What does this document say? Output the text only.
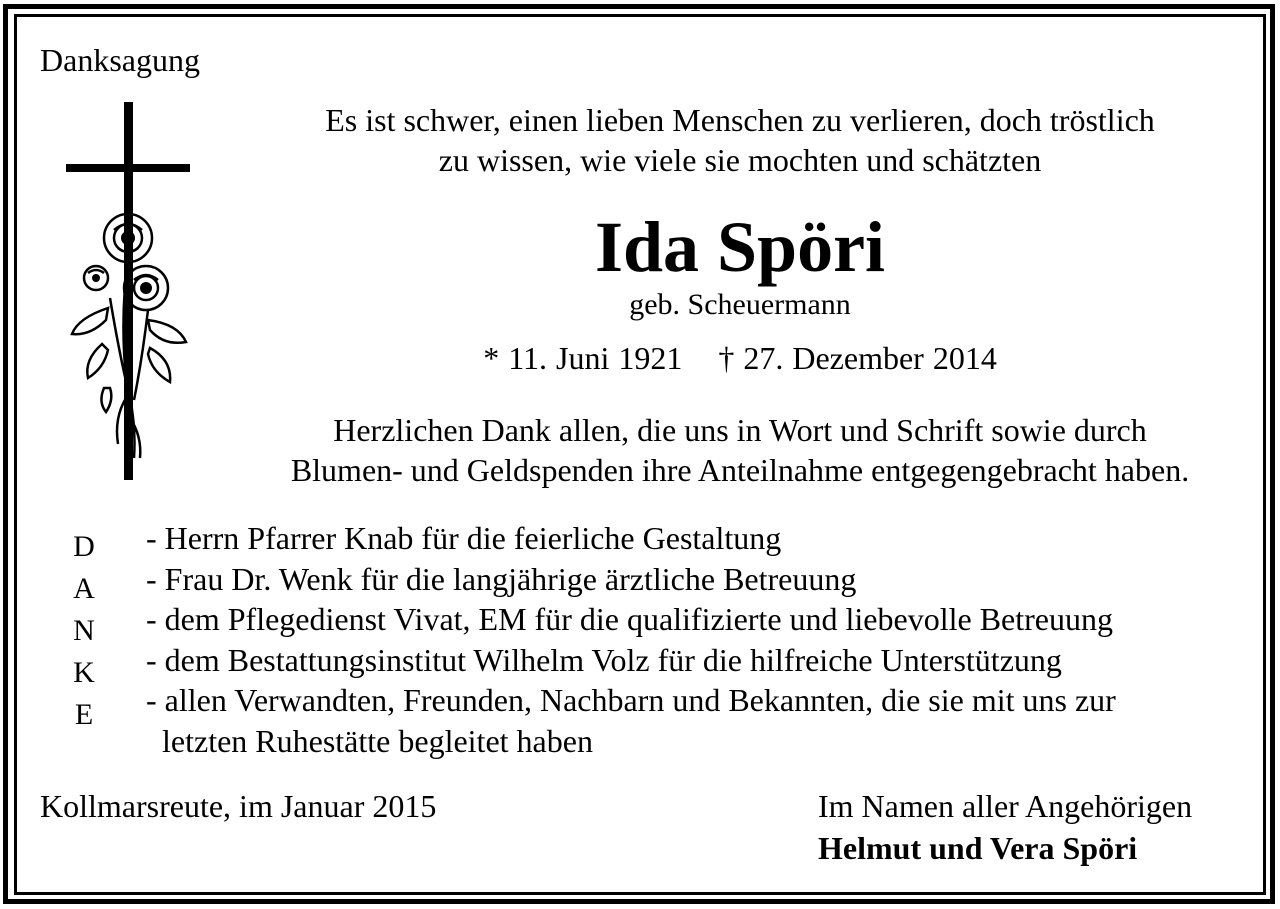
Danksagung
Es ist schwer, einen lieben Menschen zu verlieren, doch tröstlich
zu wissen, wie viele sie mochten und schätzten
Ida Spöri
geb. Scheuermann
* 11. Juni 1921 † 27. Dezember 2014
Herzlichen Dank allen, die uns in Wort und Schrift sowie durch
Blumen- und Geldspenden ihre Anteilnahme entgegengebracht haben.
D
A
N
K
E
- Herrn Pfarrer Knab für die feierliche Gestaltung
- Frau Dr. Wenk für die langjährige ärztliche Betreuung
- dem Pflegedienst Vivat, EM für die qualifizierte und liebevolle Betreuung
- dem Bestattungsinstitut Wilhelm Volz für die hilfreiche Unterstützung
- allen Verwandten, Freunden, Nachbarn und Bekannten, die sie mit uns zur
letzten Ruhestätte begleitet haben
Kollmarsreute, im Januar 2015	Im Namen aller Angehörigen
Helmut und Vera Spöri
